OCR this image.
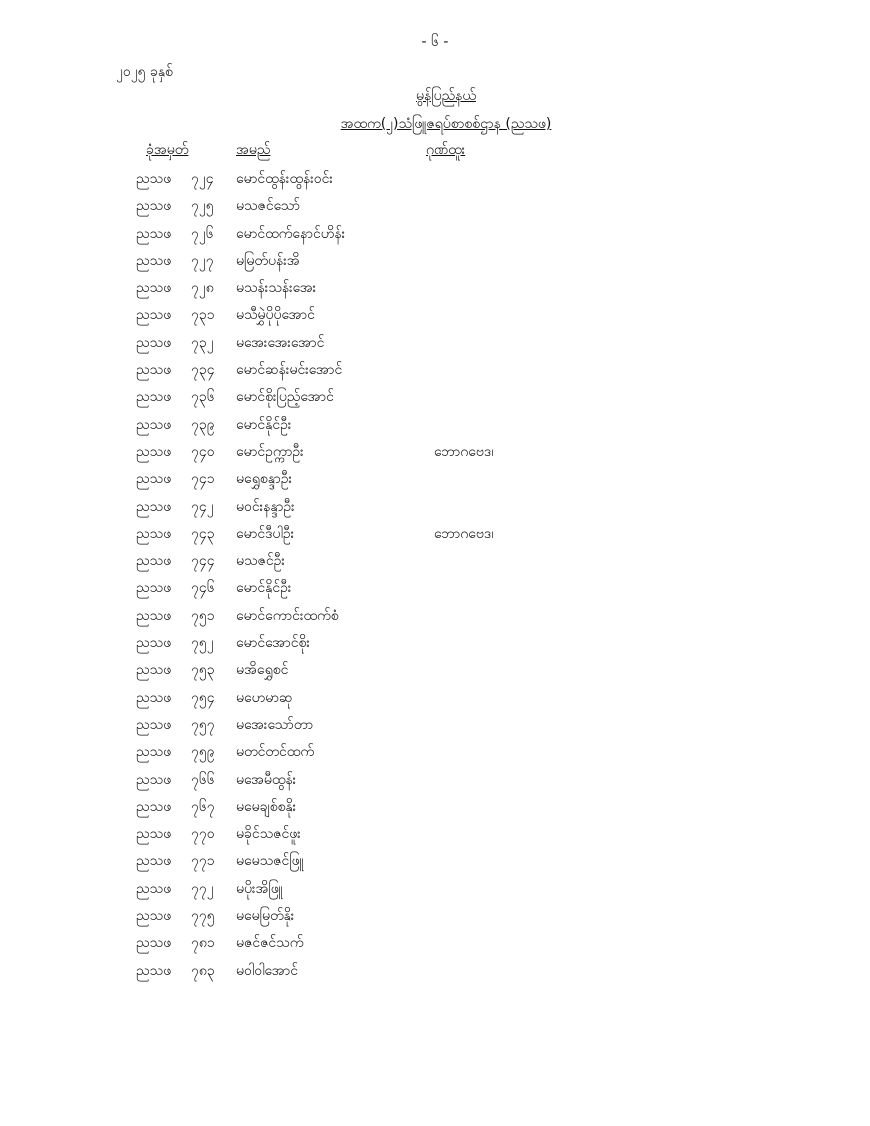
- ၆ -
၂၀၂၅ ခုနှစ်
မွန်ပြည်နယ်
အထက(၂)သံဖြူဇရပ်စာစစ်ဌာန (ညသဖ)
ခုံအမှတ်	အမည်	ဂုဏ်ထူး
ညသဖ ၇၂၄ မောင်ထွန်းထွန်းဝင်း
ညသဖ ၇၂၅ မသဇင်သော်
ညသဖ ၇၂၆ မောင်ထက်နောင်ဟိန်း
ညသဖ ၇၂၇ မမြတ်ပန်းအိ
ညသဖ ၇၂၈ မသန်းသန်းအေး
ညသဖ ၇၃၁ မသီမွှဲပိုပိုအောင်
ညသဖ ၇၃၂ မအေးအေးအောင်
ညသဖ ၇၃၄ မောင်ဆန်းမင်းအောင်
ညသဖ ၇၃၆ မောင်စိုးပြည့်အောင်
ညသဖ ၇၃၉ မောင်နိုင်ဦး
ညသဖ ၇၄၀ မောင်ဥက္ကာဦး	ဘောဂဗေဒ၊
ညသဖ ၇၄၁ မရွှေစန္ဒာဦး
ညသဖ ၇၄၂ မဝင်းနန္ဒာဦး
ညသဖ ၇၄၃ မောင်ဒီပါဦး	ဘောဂဗေဒ၊
ညသဖ ၇၄၄ မသဇင်ဦး
ညသဖ ၇၄၆ မောင်နိုင်ဦး
ညသဖ ၇၅၁ မောင်ကောင်းထက်စံ
ညသဖ ၇၅၂ မောင်အောင်စိုး
ညသဖ ၇၅၃ မအိရွှေစင်
ညသဖ ၇၅၄ မဟေမာဆု
ညသဖ ၇၅၇ မအေးသော်တာ
ညသဖ ၇၅၉ မတင်တင်ထက်
ညသဖ ၇၆၆ မအေမီထွန်း
ညသဖ ၇၆၇ မမေချစ်စနိုး
ညသဖ ၇၇၀ မခိုင်သဇင်ဖူး
ညသဖ ၇၇၁ မမေသဇင်ဖြူ
ညသဖ ၇၇၂ မပိုးအိဖြူ
ညသဖ ၇၇၅ မမေမြတ်နိုး
ညသဖ ၇၈၁ မဇင်ဇင်သက်
ညသဖ ၇၈၃ မဝါဝါအောင်
